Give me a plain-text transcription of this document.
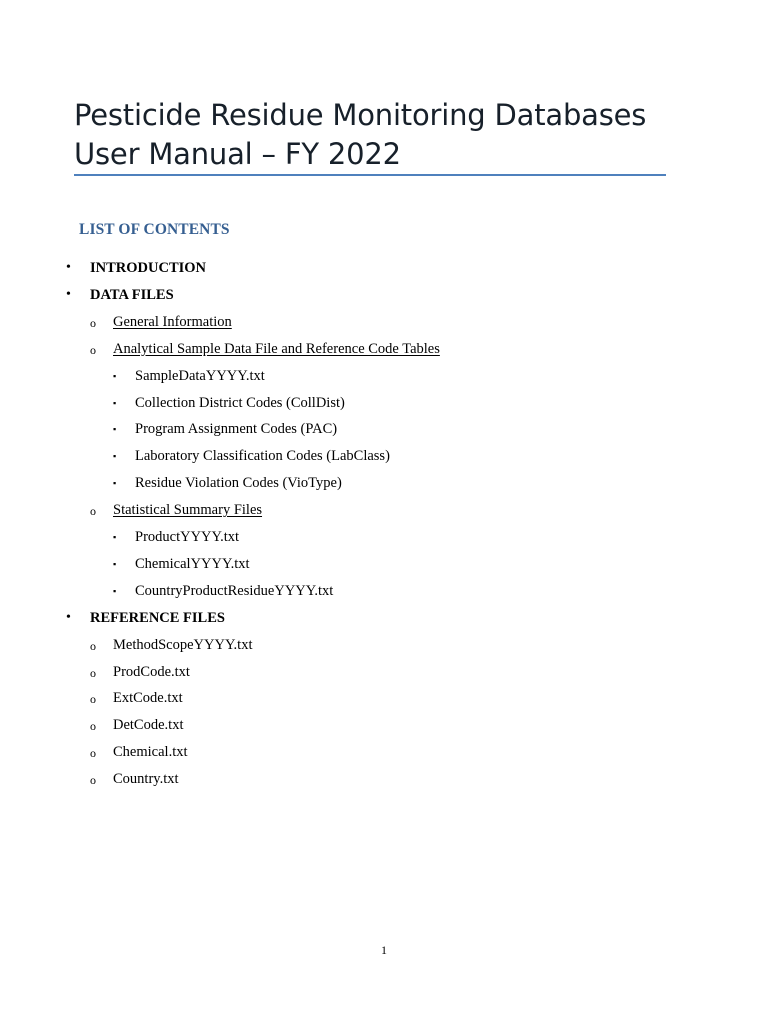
Pesticide Residue Monitoring Databases
User Manual – FY 2022
LIST OF CONTENTS
• INTRODUCTION
• DATA FILES
o General Information
o Analytical Sample Data File and Reference Code Tables
▪ SampleDataYYYY.txt
▪ Collection District Codes (CollDist)
▪ Program Assignment Codes (PAC)
▪ Laboratory Classification Codes (LabClass)
▪ Residue Violation Codes (VioType)
o Statistical Summary Files
▪ ProductYYYY.txt
▪ ChemicalYYYY.txt
▪ CountryProductResidueYYYY.txt
• REFERENCE FILES
o MethodScopeYYYY.txt
o ProdCode.txt
o ExtCode.txt
o DetCode.txt
o Chemical.txt
o Country.txt
1
